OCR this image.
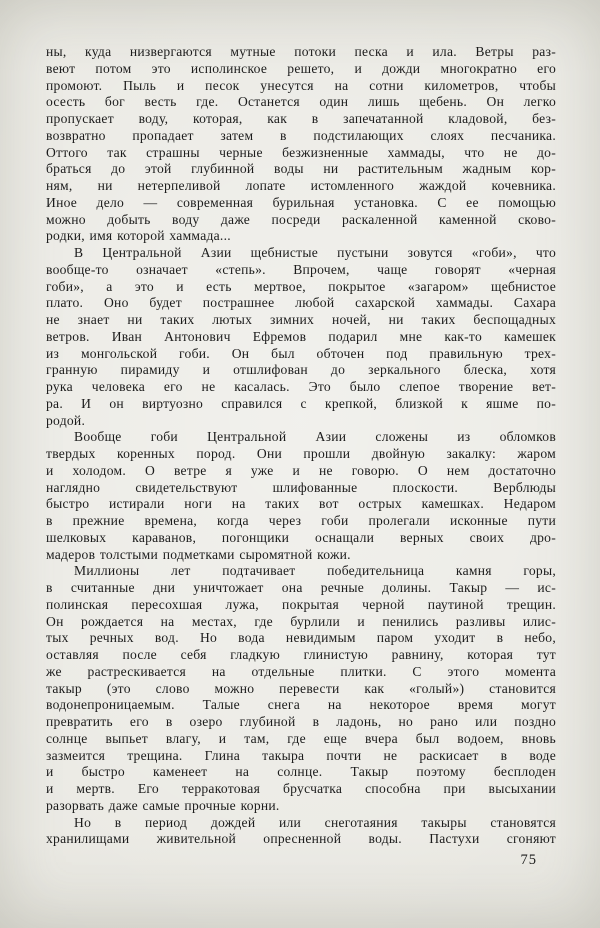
ны, куда низвергаются мутные потоки песка и ила. Ветры раз-
веют потом это исполинское решето, и дожди многократно его
промоют. Пыль и песок унесутся на сотни километров, чтобы
осесть бог весть где. Останется один лишь щебень. Он легко
пропускает воду, которая, как в запечатанной кладовой, без-
возвратно пропадает затем в подстилающих слоях песчаника.
Оттого так страшны черные безжизненные хаммады, что не до-
браться до этой глубинной воды ни растительным жадным кор-
ням, ни нетерпеливой лопате истомленного жаждой кочевника.
Иное дело — современная бурильная установка. С ее помощью
можно добыть воду даже посреди раскаленной каменной сково-
родки, имя которой хаммада...
В Центральной Азии щебнистые пустыни зовутся «гоби», что
вообще-то означает «степь». Впрочем, чаще говорят «черная
гоби», а это и есть мертвое, покрытое «загаром» щебнистое
плато. Оно будет пострашнее любой сахарской хаммады. Сахара
не знает ни таких лютых зимних ночей, ни таких беспощадных
ветров. Иван Антонович Ефремов подарил мне как-то камешек
из монгольской гоби. Он был обточен под правильную трех-
гранную пирамиду и отшлифован до зеркального блеска, хотя
рука человека его не касалась. Это было слепое творение вет-
ра. И он виртуозно справился с крепкой, близкой к яшме по-
родой.
Вообще гоби Центральной Азии сложены из обломков
твердых коренных пород. Они прошли двойную закалку: жаром
и холодом. О ветре я уже и не говорю. О нем достаточно
наглядно свидетельствуют шлифованные плоскости. Верблюды
быстро истирали ноги на таких вот острых камешках. Недаром
в прежние времена, когда через гоби пролегали исконные пути
шелковых караванов, погонщики оснащали верных своих дро-
мадеров толстыми подметками сыромятной кожи.
Миллионы лет подтачивает победительница камня горы,
в считанные дни уничтожает она речные долины. Такыр — ис-
полинская пересохшая лужа, покрытая черной паутиной трещин.
Он рождается на местах, где бурлили и пенились разливы илис-
тых речных вод. Но вода невидимым паром уходит в небо,
оставляя после себя гладкую глинистую равнину, которая тут
же растрескивается на отдельные плитки. С этого момента
такыр (это слово можно перевести как «голый») становится
водонепроницаемым. Талые снега на некоторое время могут
превратить его в озеро глубиной в ладонь, но рано или поздно
солнце выпьет влагу, и там, где еще вчера был водоем, вновь
зазмеится трещина. Глина такыра почти не раскисает в воде
и быстро каменеет на солнце. Такыр поэтому бесплоден
и мертв. Его терракотовая брусчатка способна при высыхании
разорвать даже самые прочные корни.
Но в период дождей или снеготаяния такыры становятся
хранилищами живительной опресненной воды. Пастухи сгоняют
75
